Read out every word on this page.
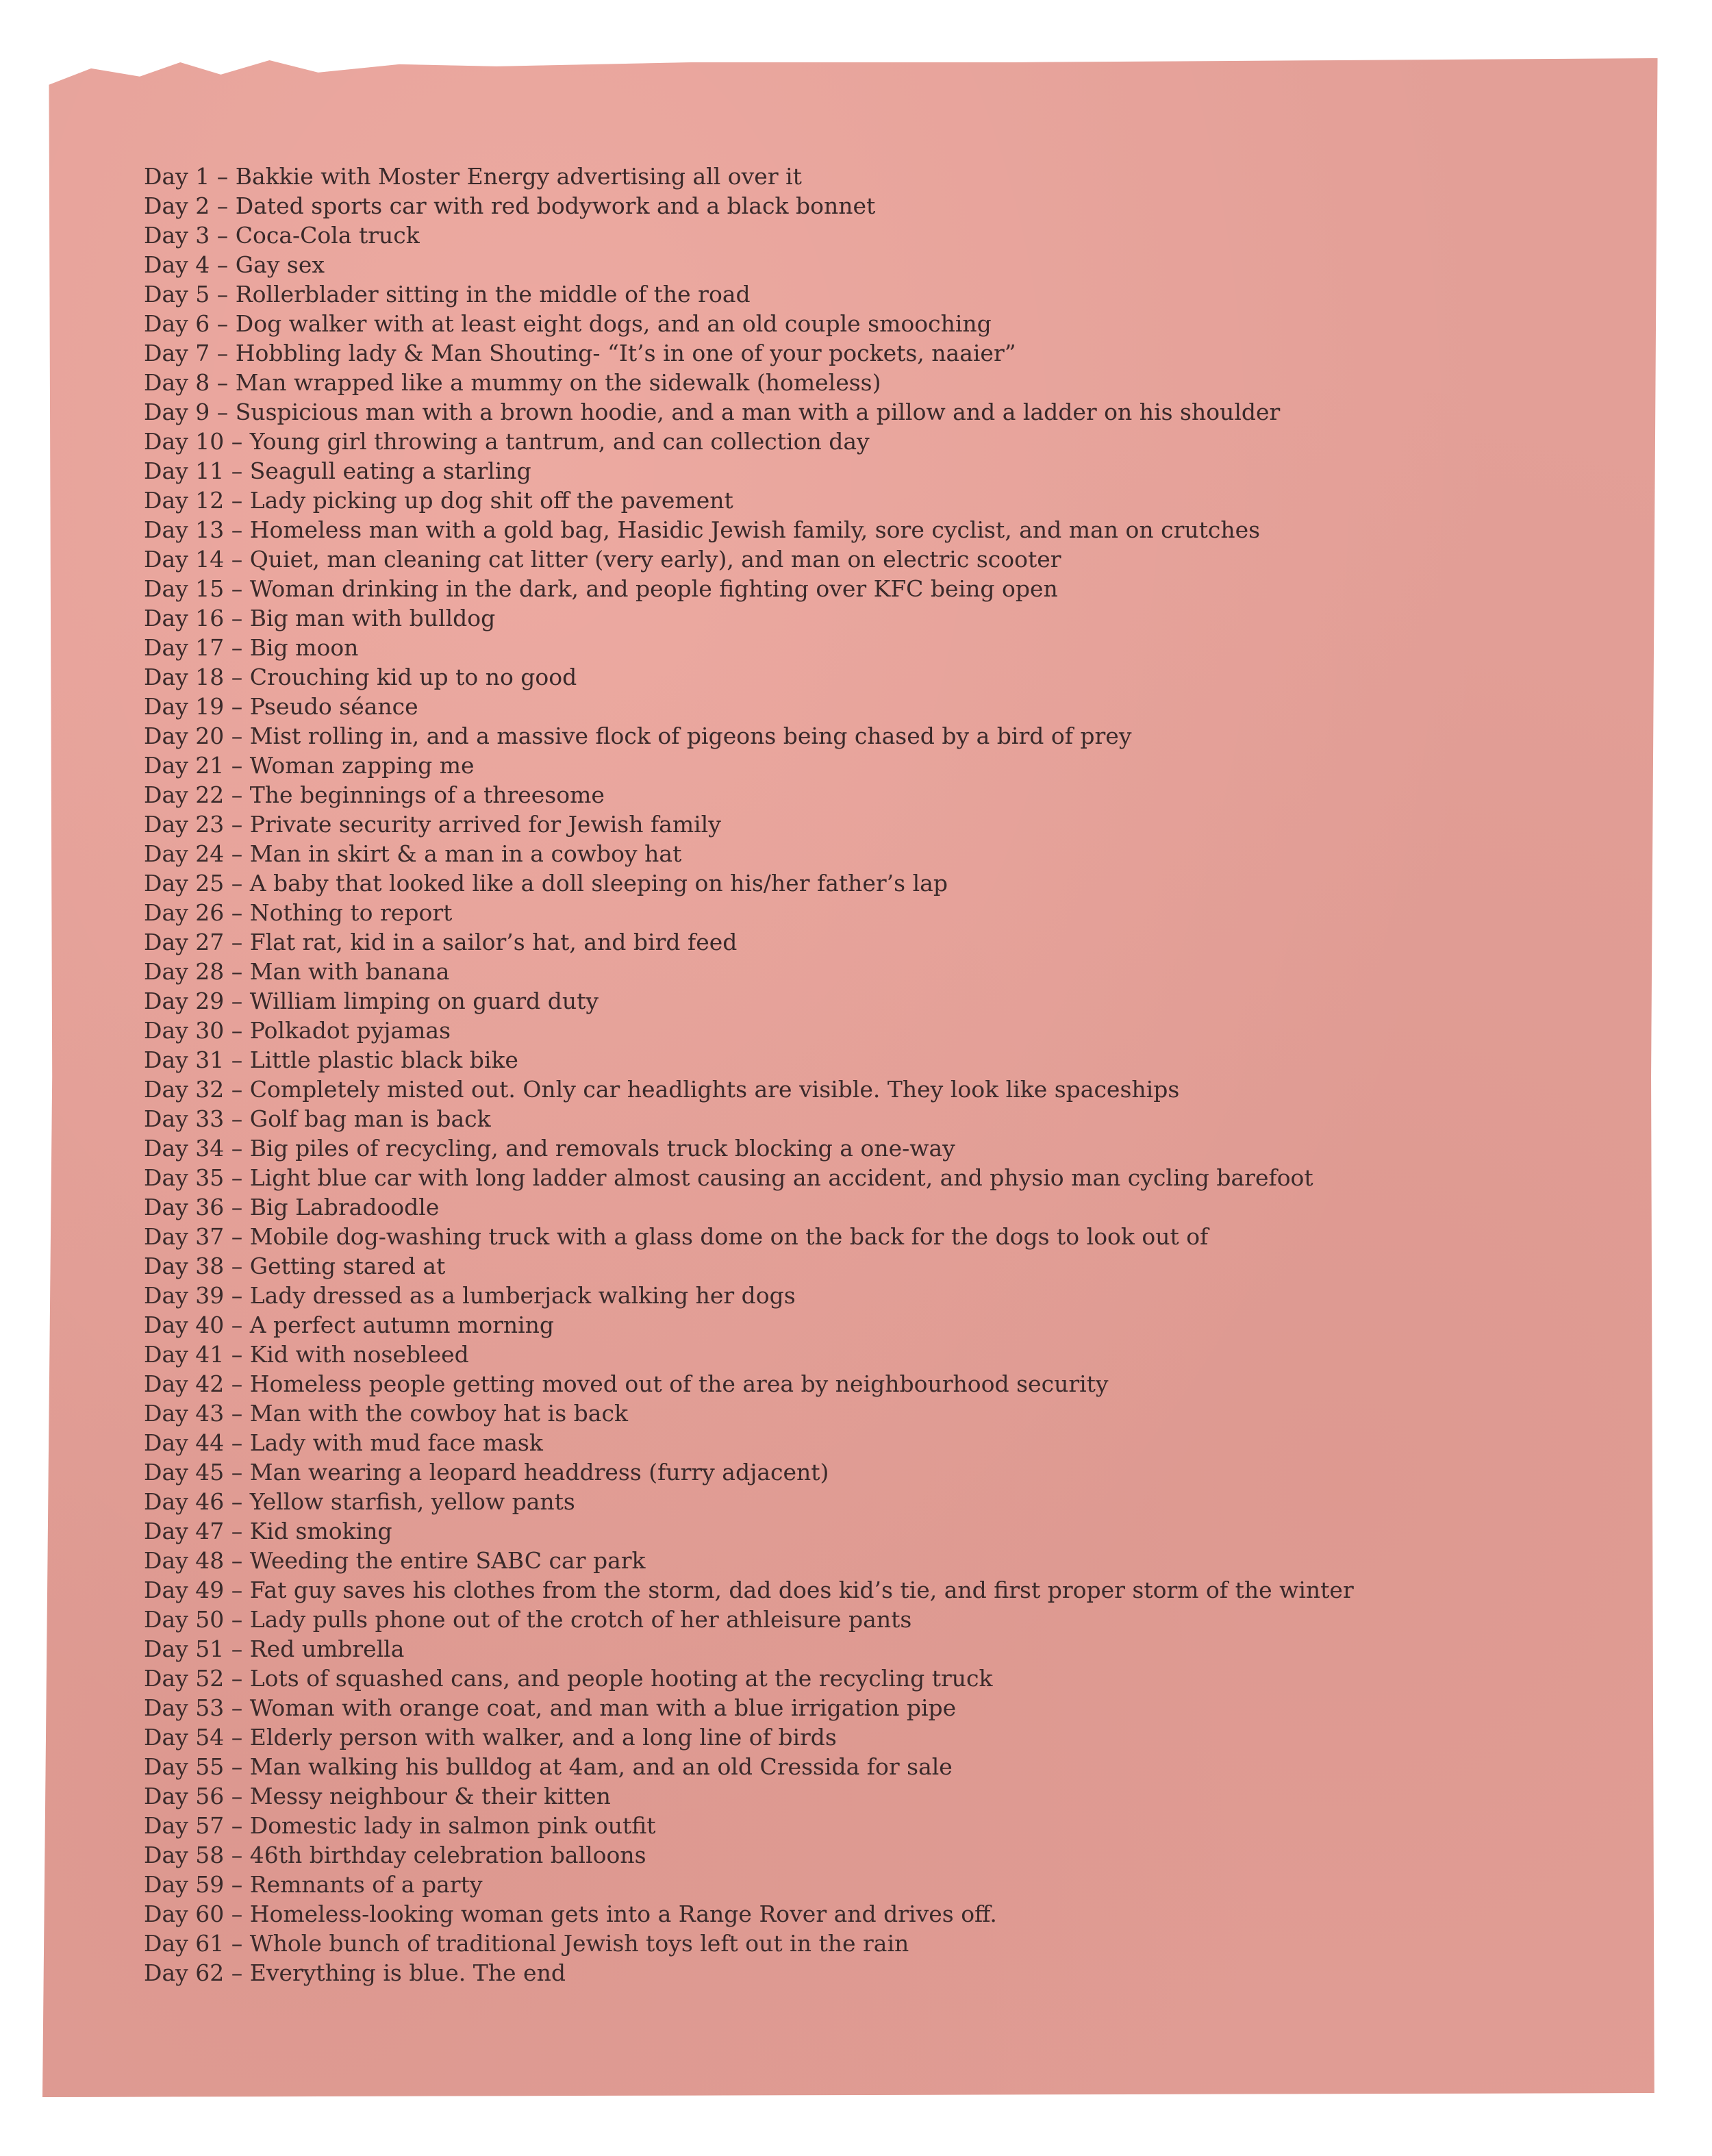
Day 1 – Bakkie with Moster Energy advertising all over it
Day 2 – Dated sports car with red bodywork and a black bonnet
Day 3 – Coca-Cola truck
Day 4 – Gay sex
Day 5 – Rollerblader sitting in the middle of the road
Day 6 – Dog walker with at least eight dogs, and an old couple smooching
Day 7 – Hobbling lady & Man Shouting- “It’s in one of your pockets, naaier”
Day 8 – Man wrapped like a mummy on the sidewalk (homeless)
Day 9 – Suspicious man with a brown hoodie, and a man with a pillow and a ladder on his shoulder
Day 10 – Young girl throwing a tantrum, and can collection day
Day 11 – Seagull eating a starling
Day 12 – Lady picking up dog shit off the pavement
Day 13 – Homeless man with a gold bag, Hasidic Jewish family, sore cyclist, and man on crutches
Day 14 – Quiet, man cleaning cat litter (very early), and man on electric scooter
Day 15 – Woman drinking in the dark, and people fighting over KFC being open
Day 16 – Big man with bulldog
Day 17 – Big moon
Day 18 – Crouching kid up to no good
Day 19 – Pseudo séance
Day 20 – Mist rolling in, and a massive flock of pigeons being chased by a bird of prey
Day 21 – Woman zapping me
Day 22 – The beginnings of a threesome
Day 23 – Private security arrived for Jewish family
Day 24 – Man in skirt & a man in a cowboy hat
Day 25 – A baby that looked like a doll sleeping on his/her father’s lap
Day 26 – Nothing to report
Day 27 – Flat rat, kid in a sailor’s hat, and bird feed
Day 28 – Man with banana
Day 29 – William limping on guard duty
Day 30 – Polkadot pyjamas
Day 31 – Little plastic black bike
Day 32 – Completely misted out. Only car headlights are visible. They look like spaceships
Day 33 – Golf bag man is back
Day 34 – Big piles of recycling, and removals truck blocking a one-way
Day 35 – Light blue car with long ladder almost causing an accident, and physio man cycling barefoot
Day 36 – Big Labradoodle
Day 37 – Mobile dog-washing truck with a glass dome on the back for the dogs to look out of
Day 38 – Getting stared at
Day 39 – Lady dressed as a lumberjack walking her dogs
Day 40 – A perfect autumn morning
Day 41 – Kid with nosebleed
Day 42 – Homeless people getting moved out of the area by neighbourhood security
Day 43 – Man with the cowboy hat is back
Day 44 – Lady with mud face mask
Day 45 – Man wearing a leopard headdress (furry adjacent)
Day 46 – Yellow starfish, yellow pants
Day 47 – Kid smoking
Day 48 – Weeding the entire SABC car park
Day 49 – Fat guy saves his clothes from the storm, dad does kid’s tie, and first proper storm of the winter
Day 50 – Lady pulls phone out of the crotch of her athleisure pants
Day 51 – Red umbrella
Day 52 – Lots of squashed cans, and people hooting at the recycling truck
Day 53 – Woman with orange coat, and man with a blue irrigation pipe
Day 54 – Elderly person with walker, and a long line of birds
Day 55 – Man walking his bulldog at 4am, and an old Cressida for sale
Day 56 – Messy neighbour & their kitten
Day 57 – Domestic lady in salmon pink outfit
Day 58 – 46th birthday celebration balloons
Day 59 – Remnants of a party
Day 60 – Homeless-looking woman gets into a Range Rover and drives off.
Day 61 – Whole bunch of traditional Jewish toys left out in the rain
Day 62 – Everything is blue. The end
